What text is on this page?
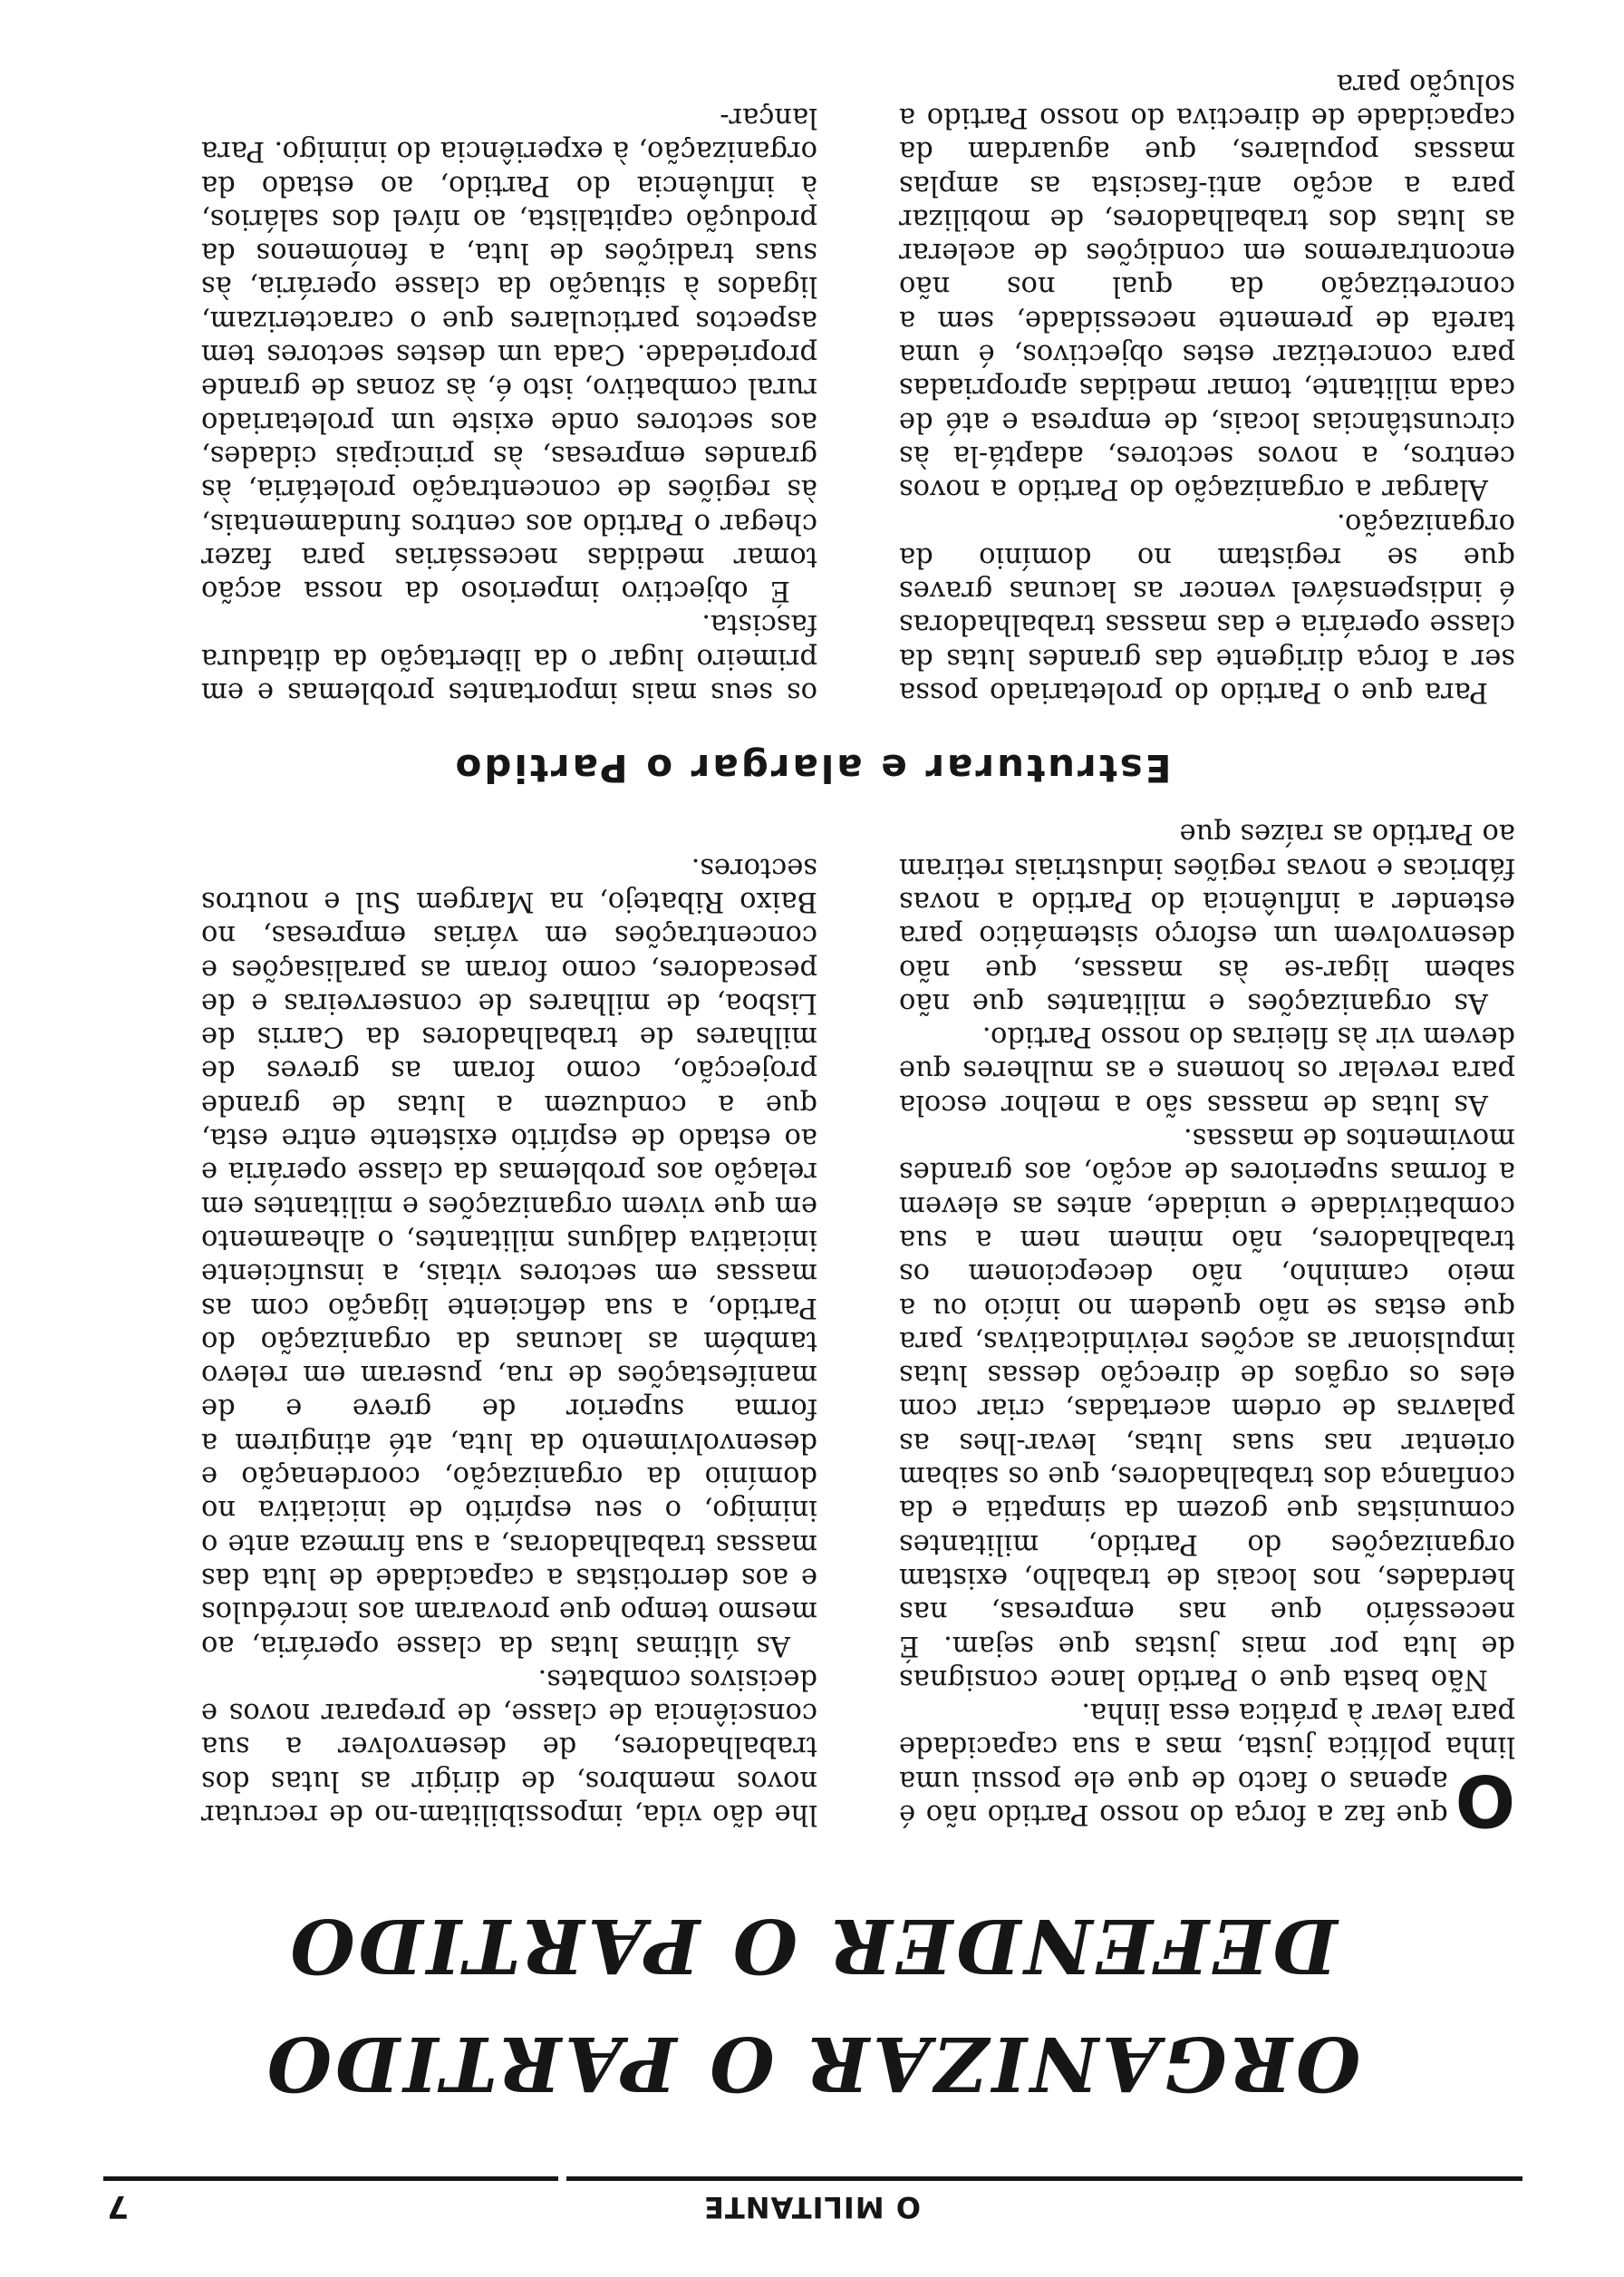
O MILITANTE
7
ORGANIZAR O PARTIDO
DEFENDER O PARTIDO
O

que faz a força do nosso Partido não é apenas o facto de que ele possui uma linha política justa, mas a sua capacidade para levar à prática essa linha.

Não basta que o Partido lance consignas de luta por mais justas que sejam. É necessário que nas empresas, nas herdades, nos locais de trabalho, existam organizações do Partido, militantes comunistas que gozem da simpatia e da confiança dos trabalhadores, que os saibam orientar nas suas lutas, levar-lhes as palavras de ordem acertadas, criar com eles os orgãos de direcção dessas lutas impulsionar as acções reivindicativas, para que estas se não quedem no início ou a meio caminho, não decepcionem os trabalhadores, não minem nem a sua combatividade e unidade, antes as elevem a formas superiores de acção, aos grandes movimentos de massas.

As lutas de massas são a melhor escola para revelar os homens e as mulheres que devem vir às fileiras do nosso Partido.

As organizações e militantes que não sabem ligar-se às massas, que não desenvolvem um esforço sistemático para estender a influência do Partido a novas fábricas e novas regiões industriais retiram ao Partido as raízes que

lhe dão vida, impossibilitam-no de recrutar novos membros, de dirigir as lutas dos trabalhadores, de desenvolver a sua consciência de classe, de preparar novos e decisivos combates.

As últimas lutas da classe operária, ao mesmo tempo que provaram aos incrédulos e aos derrotistas a capacidade de luta das massas trabalhadoras, a sua firmeza ante o inimigo, o seu espírito de iniciativa no domínio da organização, coordenação e desenvolvimento da luta, até atingirem a forma superior de greve e de manifestações de rua, puseram em relevo também as lacunas da organização do Partido, a sua deficiente ligação com as massas em sectores vitais, a insuficiente iniciativa dalguns militantes, o alheamento em que vivem organizações e militantes em relação aos problemas da classe operária e ao estado de espírito existente entre esta, que a conduzem a lutas de grande projecção, como foram as greves de milhares de trabalhadores da Carris de Lisboa, de milhares de conserveiras e de pescadores, como foram as paralisações e concentrações em várias empresas, no Baixo Ribatejo, na Margem Sul e noutros sectores.

Estruturar e alargar o Partido

Para que o Partido do proletariado possa ser a força dirigente das grandes lutas da classe operária e das massas trabalhadoras é indispensável vencer as lacunas graves que se registam no domínio da organização.

Alargar a organização do Partido a novos centros, a novos sectores, adaptá-la às circunstâncias locais, de empresa e até de cada militante, tomar medidas apropriadas para concretizar estes objectivos, é uma tarefa de premente necessidade, sem a concretização da qual nos não encontraremos em condições de acelerar as lutas dos trabalhadores, de mobilizar para a acção anti-fascista as amplas massas populares, que aguardam da capacidade de directiva do nosso Partido a solução para

os seus mais importantes problemas e em primeiro lugar o da libertação da ditadura fascista.

É objectivo imperioso da nossa acção tomar medidas necessárias para fazer chegar o Partido aos centros fundamentais, às regiões de concentração proletária, às grandes empresas, às principais cidades, aos sectores onde existe um proletariado rural combativo, isto é, às zonas de grande propriedade. Cada um destes sectores tem aspectos particulares que o caracterizam, ligados à situação da classe operária, às suas tradições de luta, a fenómenos da produção capitalista, ao nível dos salários, à influência do Partido, ao estado da organização, à experiência do inimigo. Para lançar-
